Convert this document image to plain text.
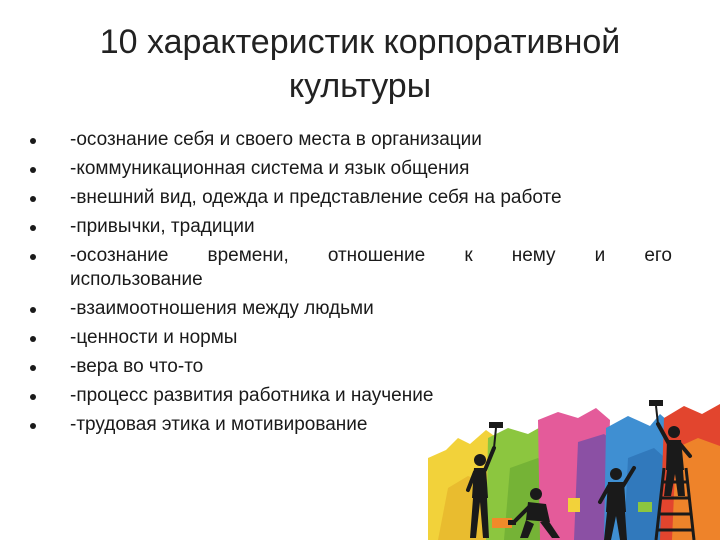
10 характеристик корпоративной
культуры
-осознание себя и своего места в организации
-коммуникационная система и язык общения
-внешний вид, одежда и представление себя на работе
-привычки, традиции
-осознание времени, отношение к нему и его
использование
-взаимоотношения между людьми
-ценности и нормы
-вера во что-то
-процесс развития работника и научение
-трудовая этика и мотивирование
